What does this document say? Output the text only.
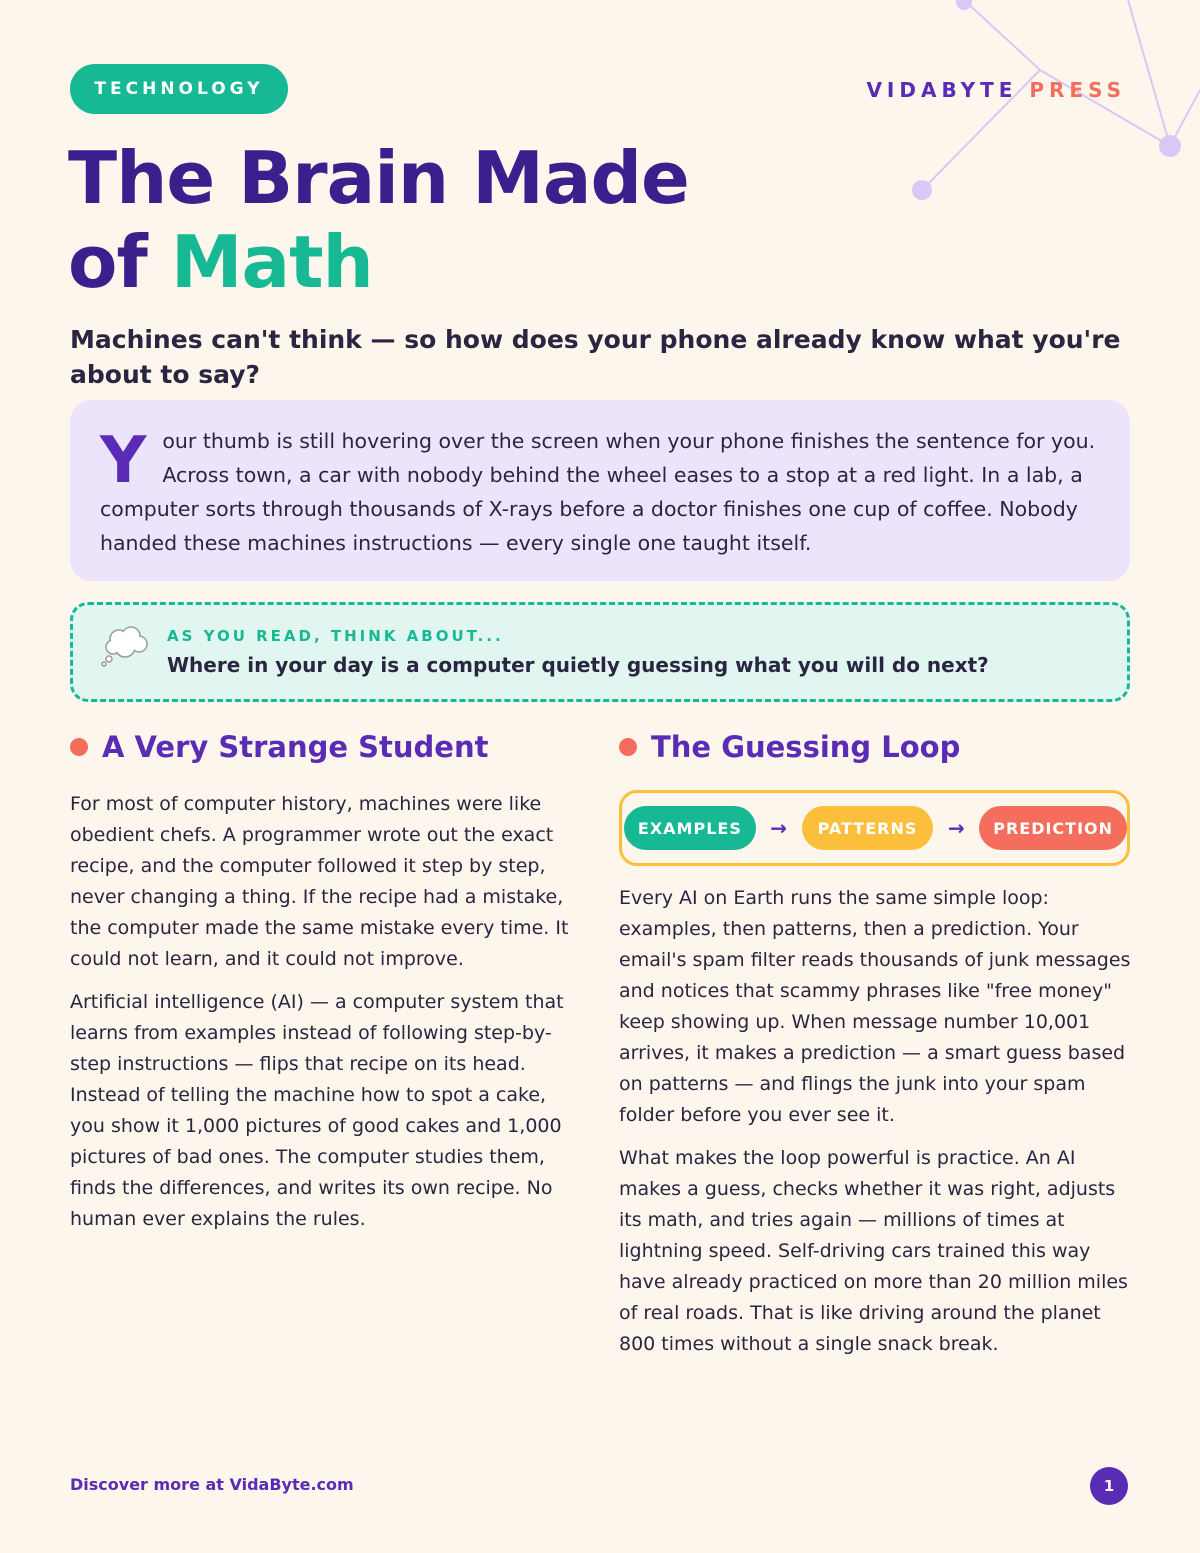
TECHNOLOGY	VIDABYTE PRESS
The Brain Made
of Math

Machines can't think — so how does your phone already know what you're about to say?

Your thumb is still hovering over the screen when your phone finishes the sentence for you. Across town, a car with nobody behind the wheel eases to a stop at a red light. In a lab, a computer sorts through thousands of X-rays before a doctor finishes one cup of coffee. Nobody handed these machines instructions — every single one taught itself.
AS YOU READ, THINK ABOUT...
Where in your day is a computer quietly guessing what you will do next?
A Very Strange Student	The Guessing Loop

For most of computer history, machines were like obedient chefs. A programmer wrote out the exact recipe, and the computer followed it step by step, never changing a thing. If the recipe had a mistake, the computer made the same mistake every time. It could not learn, and it could not improve.

Artificial intelligence (AI) — a computer system that learns from examples instead of following step-by-step instructions — flips that recipe on its head. Instead of telling the machine how to spot a cake, you show it 1,000 pictures of good cakes and 1,000 pictures of bad ones. The computer studies them, finds the differences, and writes its own recipe. No human ever explains the rules.

EXAMPLES	→	PATTERNS	→	PREDICTION

Every AI on Earth runs the same simple loop: examples, then patterns, then a prediction. Your email's spam filter reads thousands of junk messages and notices that scammy phrases like "free money" keep showing up. When message number 10,001 arrives, it makes a prediction — a smart guess based on patterns — and flings the junk into your spam folder before you ever see it.

What makes the loop powerful is practice. An AI makes a guess, checks whether it was right, adjusts its math, and tries again — millions of times at lightning speed. Self-driving cars trained this way have already practiced on more than 20 million miles of real roads. That is like driving around the planet 800 times without a single snack break.

Discover more at VidaByte.com	1
